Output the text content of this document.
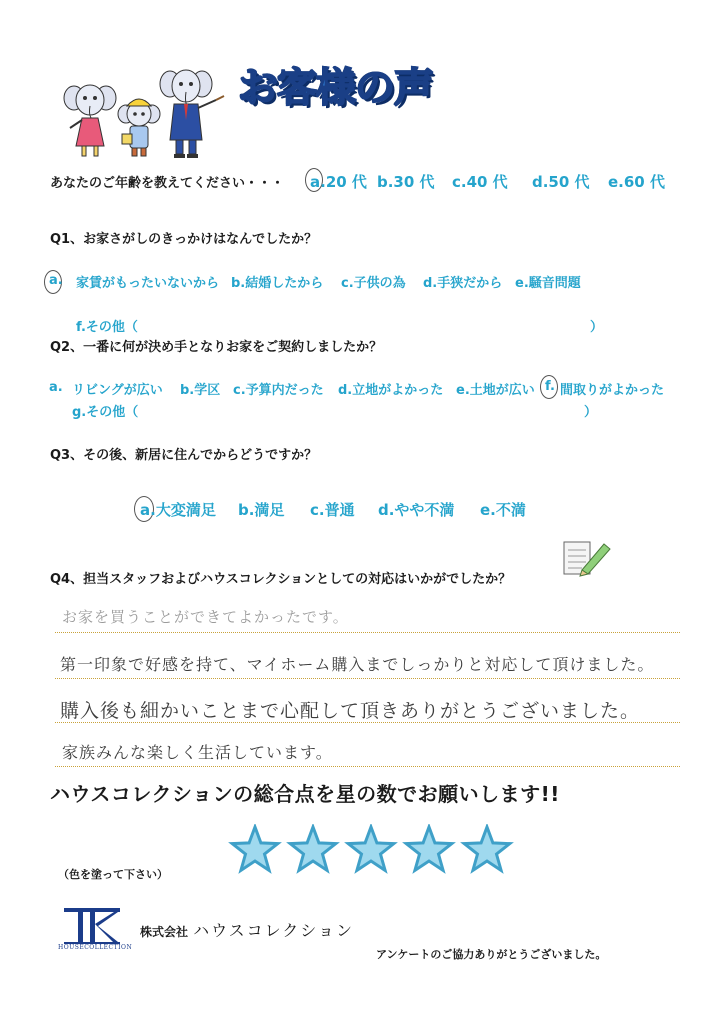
お客様の声
あなたのご年齢を教えてください・・・ a.20 代 b.30 代 c.40 代 d.50 代 e.60 代
Q1、お家さがしのきっかけはなんでしたか？
a. 家賃がもったいないから b.結婚したから c.子供の為 d.手狭だから e.騒音問題
f.その他（	）
Q2、一番に何が決め手となりお家をご契約しましたか？
a. リビングが広い b.学区 c.予算内だった d.立地がよかった e.土地が広い f. 間取りがよかった
g.その他（	）
Q3、その後、新居に住んでからどうですか？
a.大変満足 b.満足 c.普通 d.やや不満 e.不満
Q4、担当スタッフおよびハウスコレクションとしての対応はいかがでしたか？
お家を買うことができてよかったです。
第一印象で好感を持て、マイホーム購入までしっかりと対応して頂けました。
購入後も細かいことまで心配して頂きありがとうございました。
家族みんな楽しく生活しています。
ハウスコレクションの総合点を星の数でお願いします!!
（色を塗って下さい）
HOUSECOLLECTION
株式会社 ハウスコレクション
アンケートのご協力ありがとうございました。
